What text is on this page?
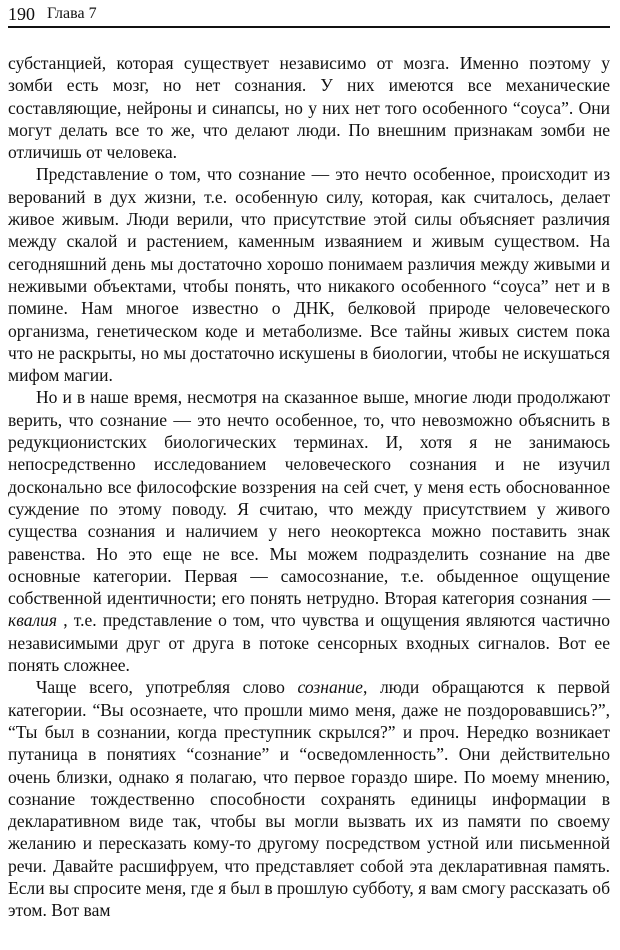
190 Глава 7

субстанцией, которая существует независимо от мозга. Именно поэтому у зомби есть мозг, но нет сознания. У них имеются все механические составляющие, нейроны и синапсы, но у них нет того особенного “соуса”. Они могут делать все то же, что делают люди. По внешним признакам зомби не отличишь от человека.

Представление о том, что сознание — это нечто особенное, происходит из верований в дух жизни, т.е. особенную силу, которая, как считалось, делает живое живым. Люди верили, что присутствие этой силы объясняет различия между скалой и растением, каменным изваянием и живым существом. На сегодняшний день мы достаточно хорошо понимаем различия между живыми и неживыми объектами, чтобы понять, что никакого особенного “соуса” нет и в помине. Нам многое известно о ДНК, белковой природе человеческого организма, генетическом коде и метаболизме. Все тайны живых систем пока что не раскрыты, но мы достаточно искушены в биологии, чтобы не искушаться мифом магии.

Но и в наше время, несмотря на сказанное выше, многие люди продолжают верить, что сознание — это нечто особенное, то, что невозможно объяснить в редукционистских биологических терминах. И, хотя я не занимаюсь непосредственно исследованием человеческого сознания и не изучил досконально все философские воззрения на сей счет, у меня есть обоснованное суждение по этому поводу. Я считаю, что между присутствием у живого существа сознания и наличием у него неокортекса можно поставить знак равенства. Но это еще не все. Мы можем подразделить сознание на две основные категории. Первая — самосознание, т.е. обыденное ощущение собственной идентичности; его понять нетрудно. Вторая категория сознания — квалия , т.е. представление о том, что чувства и ощущения являются частично независимыми друг от друга в потоке сенсорных входных сигналов. Вот ее понять сложнее.

Чаще всего, употребляя слово сознание, люди обращаются к первой категории. “Вы осознаете, что прошли мимо меня, даже не поздоровавшись?”, “Ты был в сознании, когда преступник скрылся?” и проч. Нередко возникает путаница в понятиях “сознание” и “осведомленность”. Они действительно очень близки, однако я полагаю, что первое гораздо шире. По моему мнению, сознание тождественно способности сохранять единицы информации в декларативном виде так, чтобы вы могли вызвать их из памяти по своему желанию и пересказать кому-то другому посредством устной или письменной речи. Давайте расшифруем, что представляет собой эта декларативная память. Если вы спросите меня, где я был в прошлую субботу, я вам смогу рассказать об этом. Вот вам
